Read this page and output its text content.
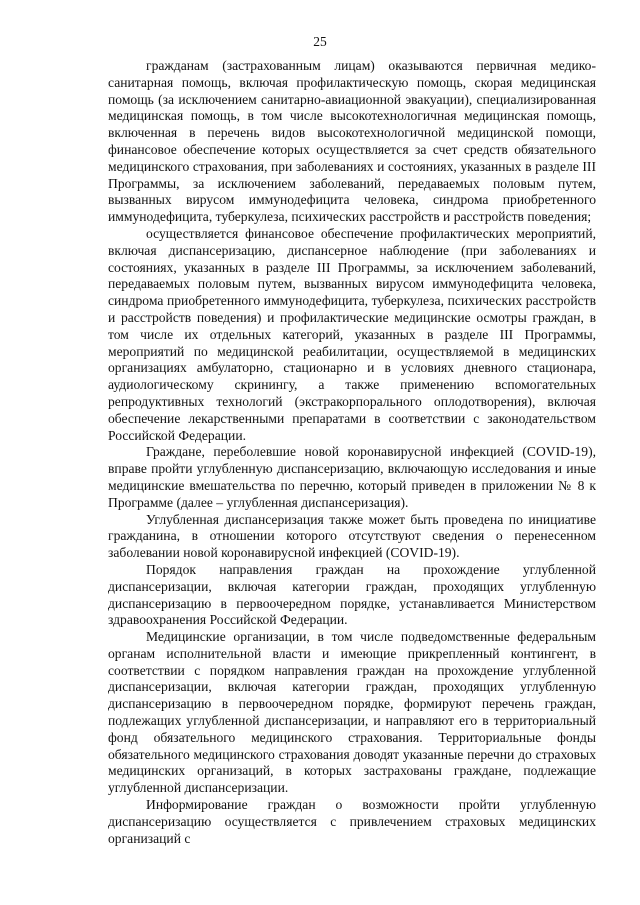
25

гражданам (застрахованным лицам) оказываются первичная медико-санитарная помощь, включая профилактическую помощь, скорая медицинская помощь (за исключением санитарно-авиационной эвакуации), специализированная медицинская помощь, в том числе высокотехнологичная медицинская помощь, включенная в перечень видов высокотехнологичной медицинской помощи, финансовое обеспечение которых осуществляется за счет средств обязательного медицинского страхования, при заболеваниях и состояниях, указанных в разделе III Программы, за исключением заболеваний, передаваемых половым путем, вызванных вирусом иммунодефицита человека, синдрома приобретенного иммунодефицита, туберкулеза, психических расстройств и расстройств поведения;

осуществляется финансовое обеспечение профилактических мероприятий, включая диспансеризацию, диспансерное наблюдение (при заболеваниях и состояниях, указанных в разделе III Программы, за исключением заболеваний, передаваемых половым путем, вызванных вирусом иммунодефицита человека, синдрома приобретенного иммунодефицита, туберкулеза, психических расстройств и расстройств поведения) и профилактические медицинские осмотры граждан, в том числе их отдельных категорий, указанных в разделе III Программы, мероприятий по медицинской реабилитации, осуществляемой в медицинских организациях амбулаторно, стационарно и в условиях дневного стационара, аудиологическому скринингу, а также применению вспомогательных репродуктивных технологий (экстракорпорального оплодотворения), включая обеспечение лекарственными препаратами в соответствии с законодательством Российской Федерации.

Граждане, переболевшие новой коронавирусной инфекцией (COVID-19), вправе пройти углубленную диспансеризацию, включающую исследования и иные медицинские вмешательства по перечню, который приведен в приложении № 8 к Программе (далее – углубленная диспансеризация).

Углубленная диспансеризация также может быть проведена по инициативе гражданина, в отношении которого отсутствуют сведения о перенесенном заболевании новой коронавирусной инфекцией (COVID-19).

Порядок направления граждан на прохождение углубленной диспансеризации, включая категории граждан, проходящих углубленную диспансеризацию в первоочередном порядке, устанавливается Министерством здравоохранения Российской Федерации.

Медицинские организации, в том числе подведомственные федеральным органам исполнительной власти и имеющие прикрепленный контингент, в соответствии с порядком направления граждан на прохождение углубленной диспансеризации, включая категории граждан, проходящих углубленную диспансеризацию в первоочередном порядке, формируют перечень граждан, подлежащих углубленной диспансеризации, и направляют его в территориальный фонд обязательного медицинского страхования. Территориальные фонды обязательного медицинского страхования доводят указанные перечни до страховых медицинских организаций, в которых застрахованы граждане, подлежащие углубленной диспансеризации.

Информирование граждан о возможности пройти углубленную диспансеризацию осуществляется с привлечением страховых медицинских организаций с
